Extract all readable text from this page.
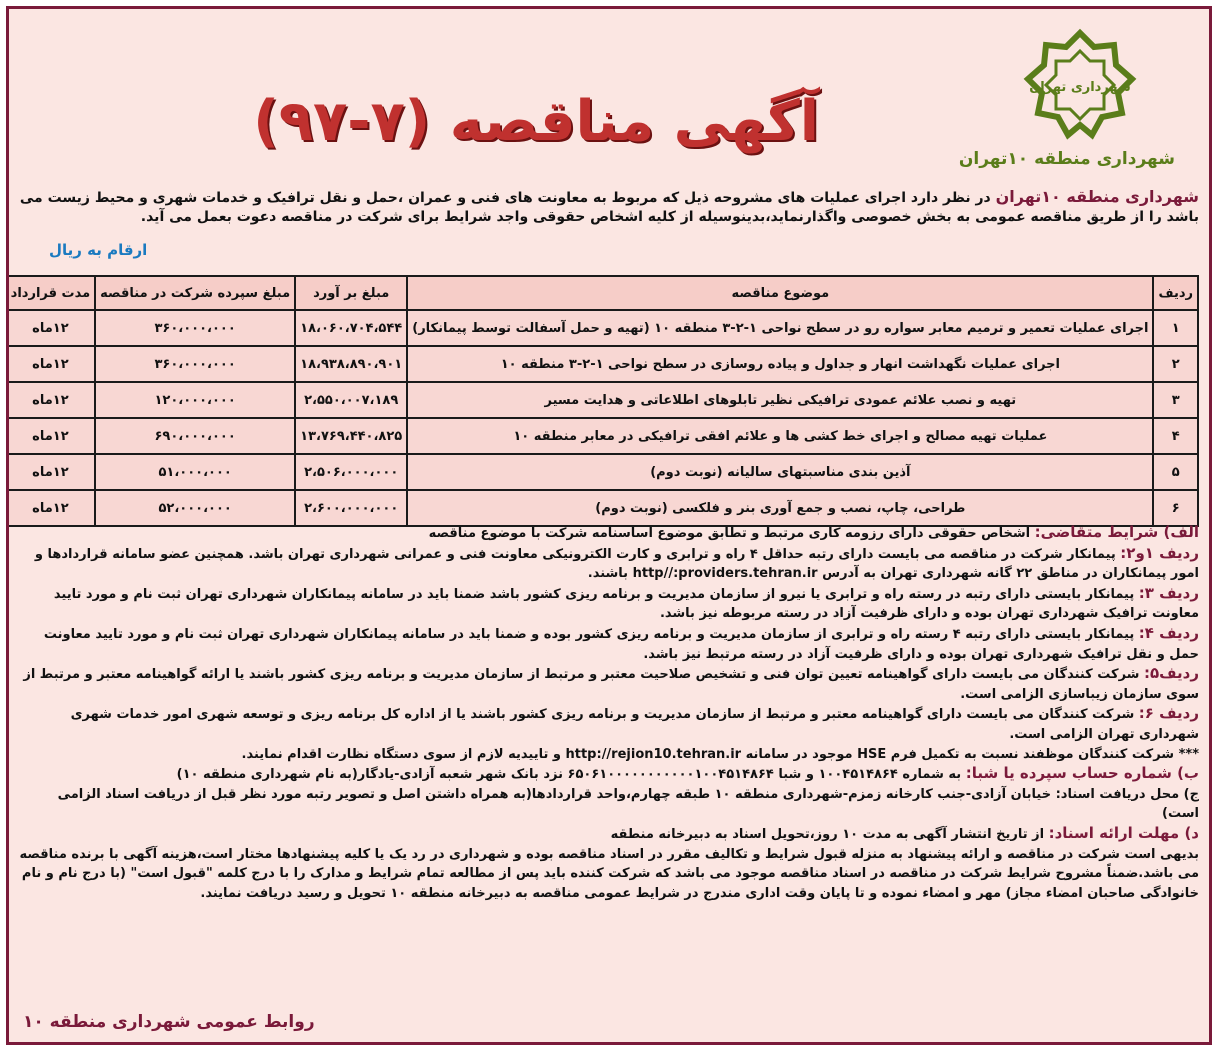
شهرداری تهران
شهرداری منطقه ۱۰تهران
آگهی مناقصه (۷-۹۷)
شهرداری منطقه ۱۰تهران در نظر دارد اجرای عملیات های مشروحه ذیل که مربوط به معاونت های فنی و عمران ،حمل و نقل ترافیک و خدمات شهری و محیط زیست می باشد را از طریق مناقصه عمومی به بخش خصوصی واگذارنماید،بدینوسیله از کلیه اشخاص حقوقی واجد شرایط برای شرکت در مناقصه دعوت بعمل می آید.
ارقام به ریال
ردیف	موضوع مناقصه	مبلغ بر آورد	مبلغ سپرده شرکت در مناقصه	مدت قرارداد
۱	اجرای عملیات تعمیر و ترمیم معابر سواره رو در سطح نواحی ۱-۲-۳ منطقه ۱۰ (تهیه و حمل آسفالت توسط پیمانکار)	۱۸،۰۶۰،۷۰۴،۵۴۴	۳۶۰،۰۰۰،۰۰۰	۱۲ماه
۲	اجرای عملیات نگهداشت انهار و جداول و پیاده روسازی در سطح نواحی ۱-۲-۳ منطقه ۱۰	۱۸،۹۳۸،۸۹۰،۹۰۱	۳۶۰،۰۰۰،۰۰۰	۱۲ماه
۳	تهیه و نصب علائم عمودی ترافیکی نظیر تابلوهای اطلاعاتی و هدایت مسیر	۲،۵۵۰،۰۰۷،۱۸۹	۱۲۰،۰۰۰،۰۰۰	۱۲ماه
۴	عملیات تهیه مصالح و اجرای خط کشی ها و علائم افقی ترافیکی در معابر منطقه ۱۰	۱۳،۷۶۹،۴۴۰،۸۲۵	۶۹۰،۰۰۰،۰۰۰	۱۲ماه
۵	آذین بندی مناسبتهای سالیانه (نوبت دوم)	۲،۵۰۶،۰۰۰،۰۰۰	۵۱،۰۰۰،۰۰۰	۱۲ماه
۶	طراحی، چاپ، نصب و جمع آوری بنر و فلکسی (نوبت دوم)	۲،۶۰۰،۰۰۰،۰۰۰	۵۲،۰۰۰،۰۰۰	۱۲ماه

الف) شرایط متقاضی: اشخاص حقوقی دارای رزومه کاری مرتبط و تطابق موضوع اساسنامه شرکت با موضوع مناقصه

ردیف ۱و۲: پیمانکار شرکت در مناقصه می بایست دارای رتبه حداقل ۴ راه و ترابری و کارت الکترونیکی معاونت فنی و عمرانی شهرداری تهران باشد. همچنین عضو سامانه قراردادها و امور پیمانکاران در مناطق ۲۲ گانه شهرداری تهران به آدرس http//:providers.tehran.ir باشند.

ردیف ۳: پیمانکار بایستی دارای رتبه در رسته راه و ترابری یا نیرو از سازمان مدیریت و برنامه ریزی کشور باشد ضمنا باید در سامانه پیمانکاران شهرداری تهران ثبت نام و مورد تایید معاونت ترافیک شهرداری تهران بوده و دارای ظرفیت آزاد در رسته مربوطه نیز باشد.

ردیف ۴: پیمانکار بایستی دارای رتبه ۴ رسته راه و ترابری از سازمان مدیریت و برنامه ریزی کشور بوده و ضمنا باید در سامانه پیمانکاران شهرداری تهران ثبت نام و مورد تایید معاونت حمل و نقل ترافیک شهرداری تهران بوده و دارای ظرفیت آزاد در رسته مرتبط نیز باشد.

ردیف۵: شرکت کنندگان می بایست دارای گواهینامه تعیین توان فنی و تشخیص صلاحیت معتبر و مرتبط از سازمان مدیریت و برنامه ریزی کشور باشند یا ارائه گواهینامه معتبر و مرتبط از سوی سازمان زیباسازی الزامی است.

ردیف ۶: شرکت کنندگان می بایست دارای گواهینامه معتبر و مرتبط از سازمان مدیریت و برنامه ریزی کشور باشند یا از اداره کل برنامه ریزی و توسعه شهری امور خدمات شهری شهرداری تهران الزامی است.

*** شرکت کنندگان موظفند نسبت به تکمیل فرم HSE موجود در سامانه http://rejion10.tehran.ir و تاییدیه لازم از سوی دستگاه نظارت اقدام نمایند.

ب) شماره حساب سپرده یا شبا: به شماره ۱۰۰۴۵۱۴۸۶۴ و شبا ۶۵۰۶۱۰۰۰۰۰۰۰۰۰۰۰۱۰۰۴۵۱۴۸۶۴ نزد بانک شهر شعبه آزادی-یادگار(به نام شهرداری منطقه ۱۰)

ج) محل دریافت اسناد: خیابان آزادی-جنب کارخانه زمزم-شهرداری منطقه ۱۰ طبقه چهارم،واحد قراردادها(به همراه داشتن اصل و تصویر رتبه مورد نظر قبل از دریافت اسناد الزامی است)

د) مهلت ارائه اسناد: از تاریخ انتشار آگهی به مدت ۱۰ روز،تحویل اسناد به دبیرخانه منطقه

بدیهی است شرکت در مناقصه و ارائه پیشنهاد به منزله قبول شرایط و تکالیف مقرر در اسناد مناقصه بوده و شهرداری در رد یک یا کلیه پیشنهادها مختار است،هزینه آگهی با برنده مناقصه می باشد.ضمناً مشروح شرایط شرکت در مناقصه در اسناد مناقصه موجود می باشد که شرکت کننده باید پس از مطالعه تمام شرایط و مدارک را با درج کلمه "قبول است" (با درج نام و نام خانوادگی صاحبان امضاء مجاز) مهر و امضاء نموده و تا پایان وقت اداری مندرج در شرایط عمومی مناقصه به دبیرخانه منطقه ۱۰ تحویل و رسید دریافت نمایند.

روابط عمومی شهرداری منطقه ۱۰
